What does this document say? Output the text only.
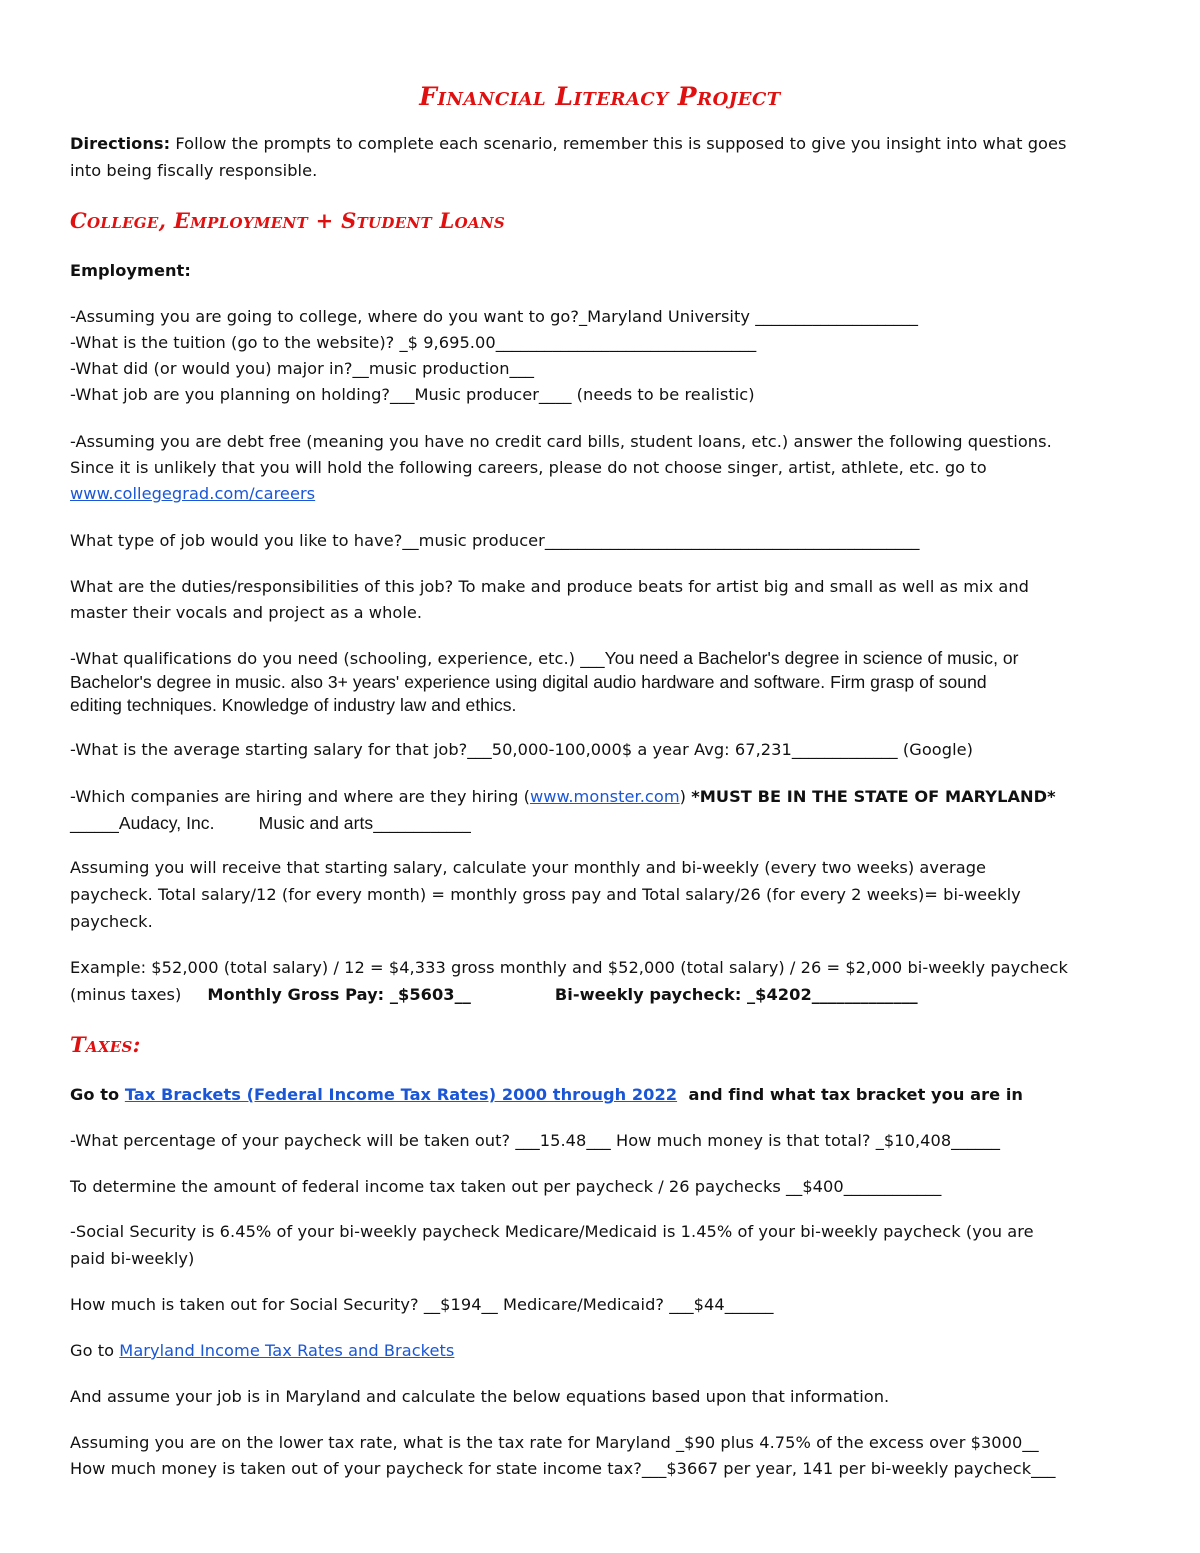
Financial Literacy Project
Directions: Follow the prompts to complete each scenario, remember this is supposed to give you insight into what goes
into being fiscally responsible.
College, Employment + Student Loans
Employment:
-Assuming you are going to college, where do you want to go?_Maryland University ____________________
-What is the tuition (go to the website)? _$ 9,695.00________________________________
-What did (or would you) major in?__music production___
-What job are you planning on holding?___Music producer____ (needs to be realistic)
-Assuming you are debt free (meaning you have no credit card bills, student loans, etc.) answer the following questions.
Since it is unlikely that you will hold the following careers, please do not choose singer, artist, athlete, etc. go to
www.collegegrad.com/careers
What type of job would you like to have?__music producer______________________________________________
What are the duties/responsibilities of this job? To make and produce beats for artist big and small as well as mix and
master their vocals and project as a whole.
-What qualifications do you need (schooling, experience, etc.) ___You need a Bachelor's degree in science of music, or
Bachelor's degree in music. also 3+ years' experience using digital audio hardware and software. Firm grasp of sound
editing techniques. Knowledge of industry law and ethics.
-What is the average starting salary for that job?___50,000-100,000$ a year Avg: 67,231_____________ (Google)
-Which companies are hiring and where are they hiring (www.monster.com) *MUST BE IN THE STATE OF MARYLAND*
______Audacy, Inc.         Music and arts____________
Assuming you will receive that starting salary, calculate your monthly and bi-weekly (every two weeks) average
paycheck. Total salary/12 (for every month) = monthly gross pay and Total salary/26 (for every 2 weeks)= bi-weekly
paycheck.
Example: $52,000 (total salary) / 12 = $4,333 gross monthly and $52,000 (total salary) / 26 = $2,000 bi-weekly paycheck
(minus taxes)     Monthly Gross Pay: _$5603__	Bi-weekly paycheck: _$4202_____________
Taxes:
Go to Tax Brackets (Federal Income Tax Rates) 2000 through 2022  and find what tax bracket you are in
-What percentage of your paycheck will be taken out? ___15.48___ How much money is that total? _$10,408______
To determine the amount of federal income tax taken out per paycheck / 26 paychecks __$400____________
-Social Security is 6.45% of your bi-weekly paycheck Medicare/Medicaid is 1.45% of your bi-weekly paycheck (you are
paid bi-weekly)
How much is taken out for Social Security? __$194__ Medicare/Medicaid? ___$44______
Go to Maryland Income Tax Rates and Brackets
And assume your job is in Maryland and calculate the below equations based upon that information.
Assuming you are on the lower tax rate, what is the tax rate for Maryland _$90 plus 4.75% of the excess over $3000__
How much money is taken out of your paycheck for state income tax?___$3667 per year, 141 per bi-weekly paycheck___
